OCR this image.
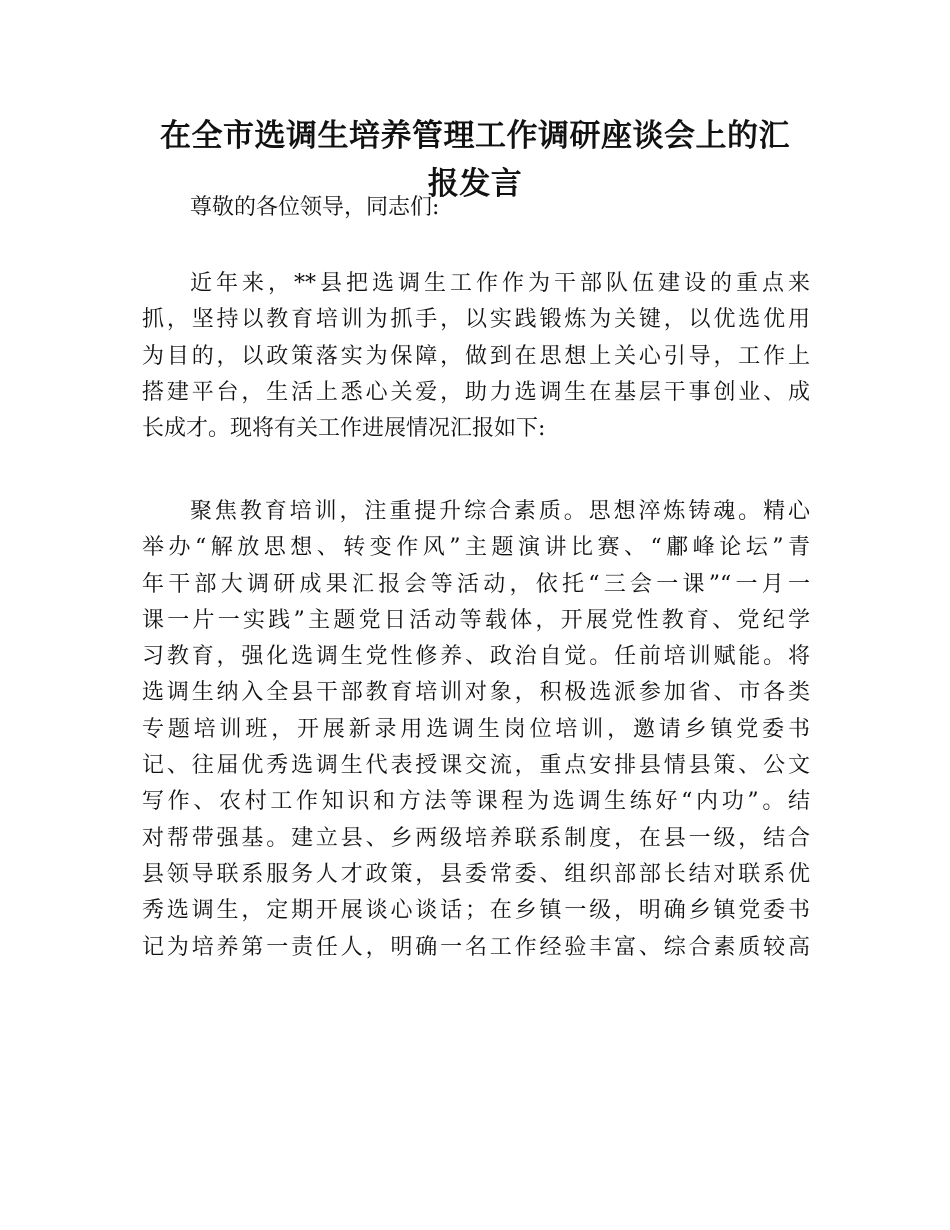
在全市选调生培养管理工作调研座谈会上的汇
报发言

尊敬的各位领导，同志们:

近年来，**县把选调生工作作为干部队伍建设的重点来
抓，坚持以教育培训为抓手，以实践锻炼为关键，以优选优用
为目的，以政策落实为保障，做到在思想上关心引导，工作上
搭建平台，生活上悉心关爱，助力选调生在基层干事创业、成
长成才。现将有关工作进展情况汇报如下:
聚焦教育培训，注重提升综合素质。思想淬炼铸魂。精心
举办“解放思想、转变作风”主题演讲比赛、“鄘峰论坛”青
年干部大调研成果汇报会等活动，依托“三会一课”“一月一
课一片一实践”主题党日活动等载体，开展党性教育、党纪学
习教育，强化选调生党性修养、政治自觉。任前培训赋能。将
选调生纳入全县干部教育培训对象，积极选派参加省、市各类
专题培训班，开展新录用选调生岗位培训，邀请乡镇党委书
记、往届优秀选调生代表授课交流，重点安排县情县策、公文
写作、农村工作知识和方法等课程为选调生练好“内功”。结
对帮带强基。建立县、乡两级培养联系制度，在县一级，结合
县领导联系服务人才政策，县委常委、组织部部长结对联系优
秀选调生，定期开展谈心谈话；在乡镇一级，明确乡镇党委书
记为培养第一责任人，明确一名工作经验丰富、综合素质较高
